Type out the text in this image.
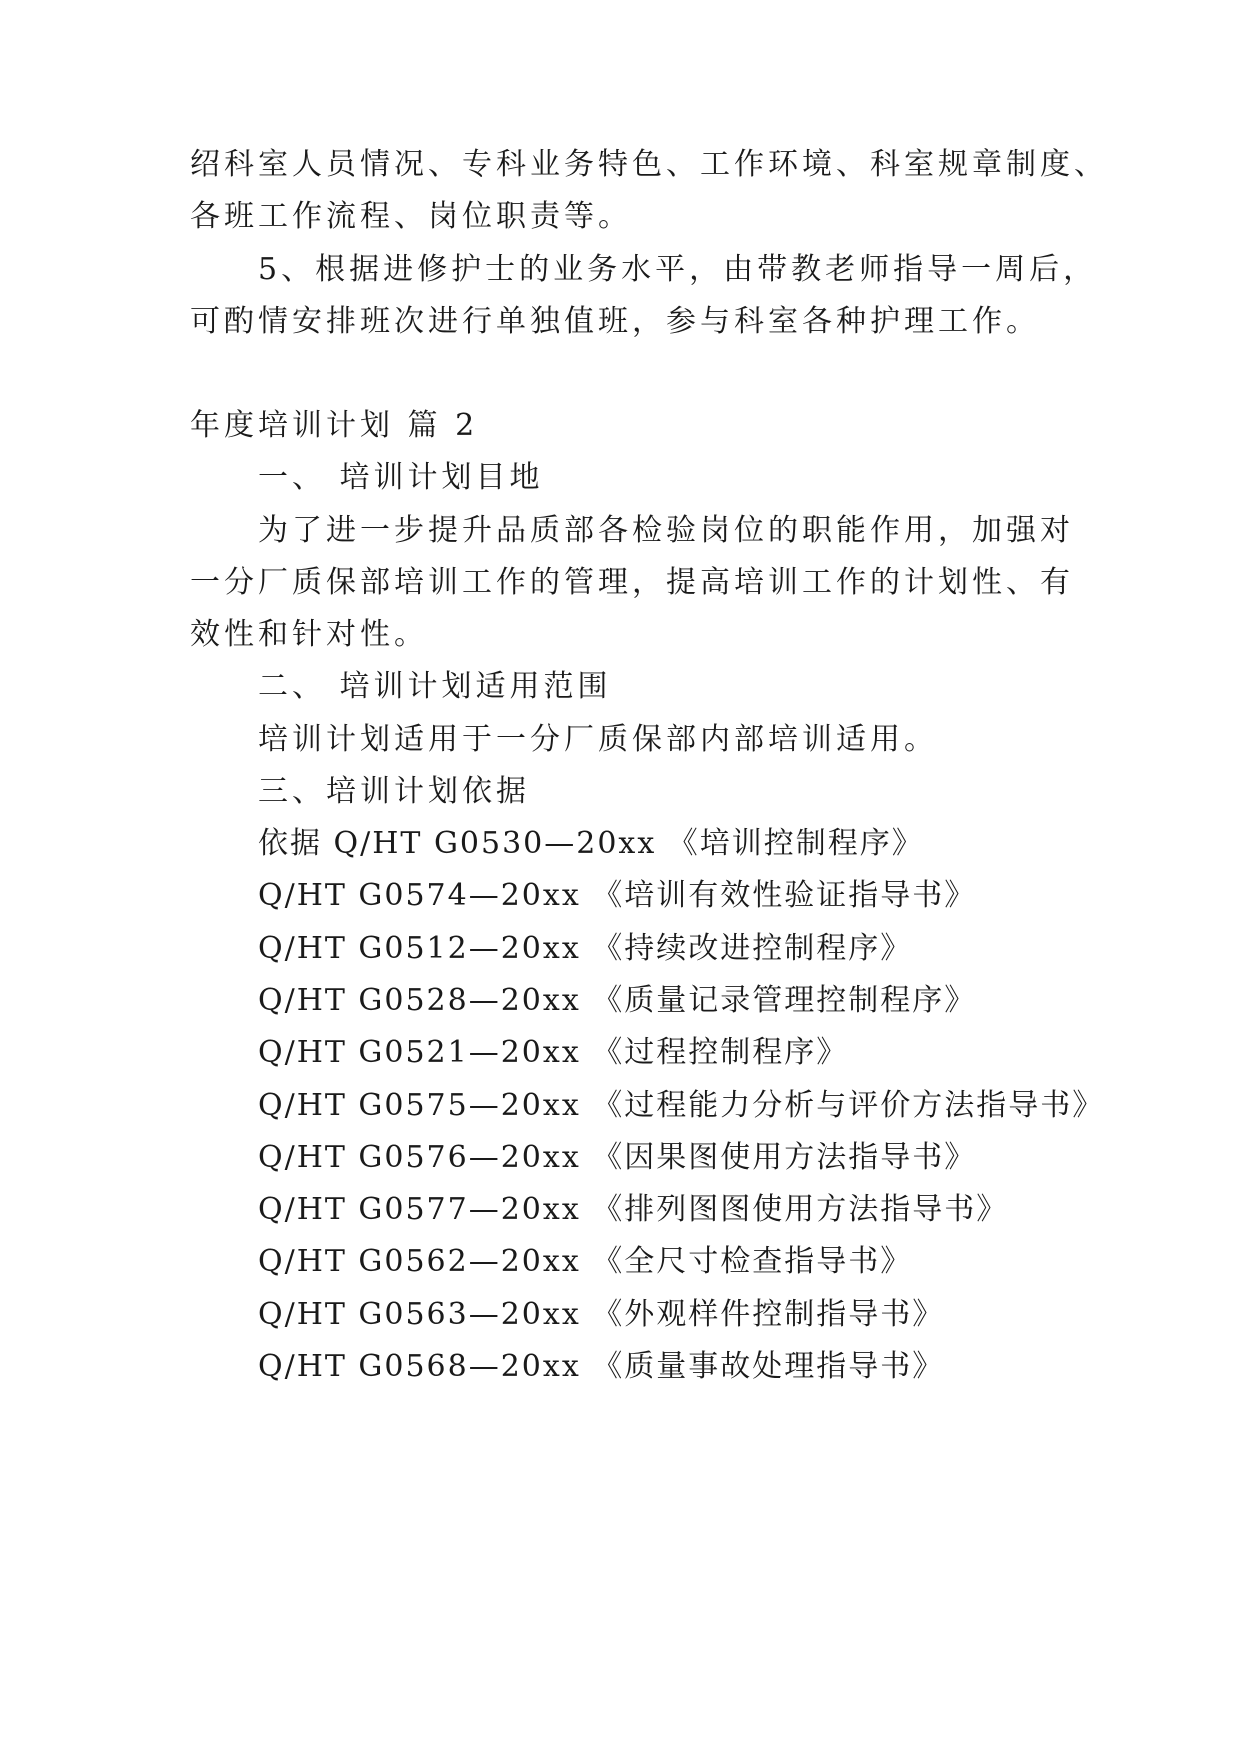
绍科室人员情况、专科业务特色、工作环境、科室规章制度、
各班工作流程、岗位职责等。
5、根据进修护士的业务水平，由带教老师指导一周后，
可酌情安排班次进行单独值班，参与科室各种护理工作。
年度培训计划 篇 2
一、 培训计划目地
为了进一步提升品质部各检验岗位的职能作用，加强对
一分厂质保部培训工作的管理，提高培训工作的计划性、有
效性和针对性。
二、 培训计划适用范围
培训计划适用于一分厂质保部内部培训适用。
三、培训计划依据
依据 Q/HT G0530—20xx 《培训控制程序》
Q/HT G0574—20xx 《培训有效性验证指导书》
Q/HT G0512—20xx 《持续改进控制程序》
Q/HT G0528—20xx 《质量记录管理控制程序》
Q/HT G0521—20xx 《过程控制程序》
Q/HT G0575—20xx 《过程能力分析与评价方法指导书》
Q/HT G0576—20xx 《因果图使用方法指导书》
Q/HT G0577—20xx 《排列图图使用方法指导书》
Q/HT G0562—20xx 《全尺寸检查指导书》
Q/HT G0563—20xx 《外观样件控制指导书》
Q/HT G0568—20xx 《质量事故处理指导书》
